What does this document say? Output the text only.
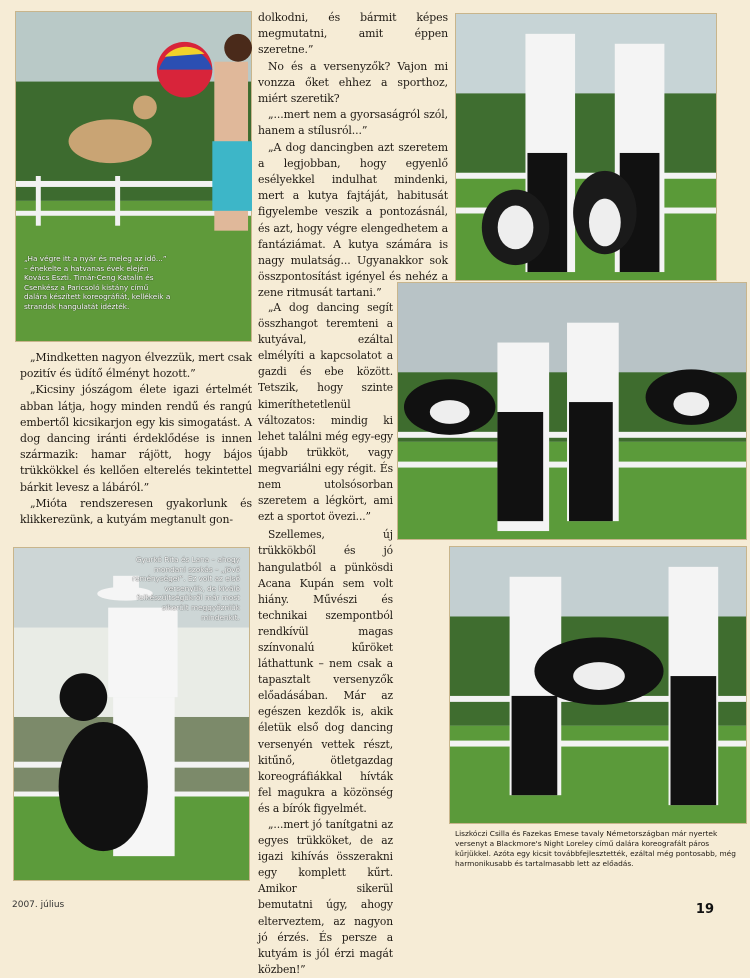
„Ha végre itt a nyár és meleg az idő...” – énekelte a hatvanas évek elején Kovács Eszti. Timár-Ceng Katalin és Csenkész a Paricsoló kistány című dalára készített koreográfiát, kellékeik a strandok hangulatát idézték.
Gyurkó Rita és Lana – ahogy mondani szokás – „jövő reménységei”. Ez volt az első versenyük, de kiváló felkészültségükről már most sikerült meggyőzniük mindenkit.
Liszkóczi Csilla és Fazekas Emese tavaly Németországban már nyertek versenyt a Blackmore's Night Loreley című dalára koreografált páros kűrjükkel. Azóta egy kicsit továbbfejlesztették, ezáltal még pontosabb, még harmonikusabb és tartalmasabb lett az előadás.

„Mindketten nagyon élvezzük, mert csak pozitív és üdítő élményt hozott.”

„Kicsiny jószágom élete igazi értelmét abban látja, hogy minden rendű és rangú embertől kicsikarjon egy kis simogatást. A dog dancing iránti érdeklődése is innen származik: hamar rájött, hogy bájos trükkökkel és kellően elterelés tekintettel bárkit levesz a lábáról.”

„Mióta rendszeresen gyakorlunk és klikkerezünk, a kutyám megtanult gon-

dolkodni, és bármit képes megmutatni, amit éppen szeretne.”

No és a versenyzők? Vajon mi vonzza őket ehhez a sporthoz, miért szeretik?

„...mert nem a gyorsaságról szól, hanem a stílusról...”

„A dog dancingben azt szeretem a legjobban, hogy egyenlő esélyekkel indulhat mindenki, mert a kutya fajtáját, habitusát figyelembe veszik a pontozásnál, és azt, hogy végre elengedhetem a fantáziámat. A kutya számára is nagy mulatság... Ugyanakkor sok összpontosítást igényel és nehéz a zene ritmusát tartani.”

„A dog dancing segít összhangot teremteni a kutyával, ezáltal elmélyíti a kapcsolatot a gazdi és ebe között. Tetszik, hogy szinte kimeríthetetlenül változatos: mindig ki lehet találni még egy-egy újabb trükköt, vagy megvariálni egy régit. És nem utolsósorban szeretem a légkört, ami ezt a sportot övezi...”

Szellemes, új trükkökből és jó hangulatból a pünkösdi Acana Kupán sem volt hiány. Művészi és technikai szempontból rendkívül magas színvonalú kűröket láthattunk – nem csak a tapasztalt versenyzők előadásában. Már az egészen kezdők is, akik életük első dog dancing versenyén vettek részt, kitűnő, ötletgazdag koreográfiákkal hívták fel magukra a közönség és a bírók figyelmét.

„...mert jó tanítgatni az egyes trükköket, de az igazi kihívás összerakni egy komplett kűrt. Amikor sikerül bemutatni úgy, ahogy elterveztem, az nagyon jó érzés. És persze a kutyám is jól érzi magát közben!”

2007. július	19
